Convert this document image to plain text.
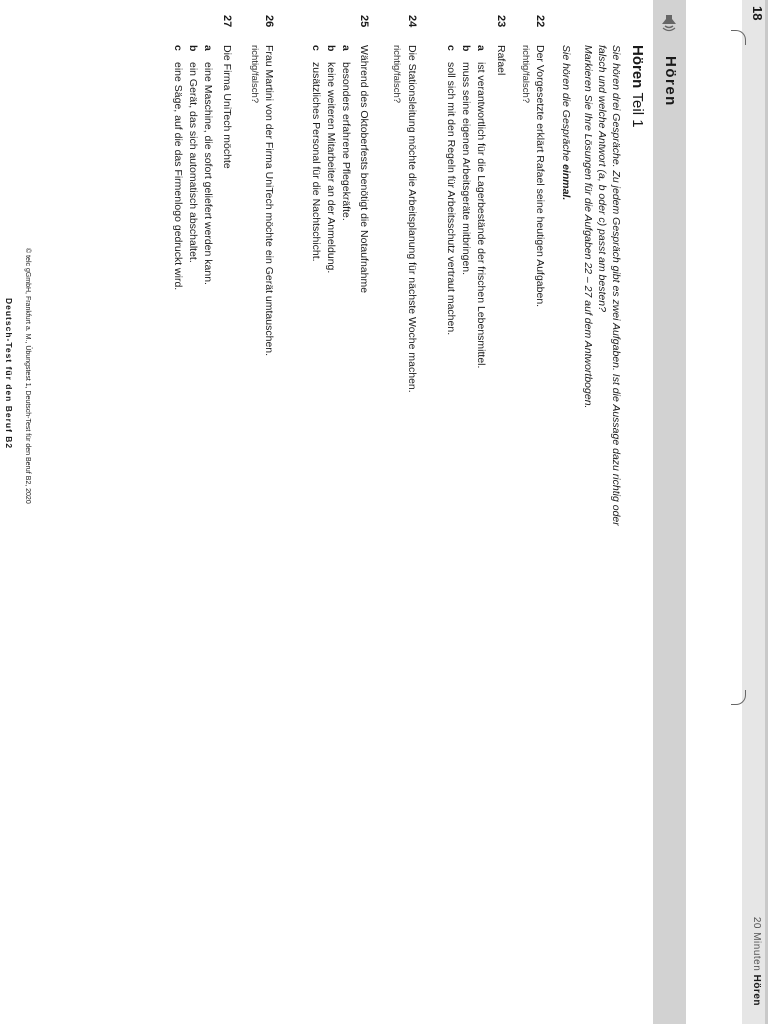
18
20 Minuten Hören
Hören
Hören Teil 1
Sie hören drei Gespräche. Zu jedem Gespräch gibt es zwei Aufgaben. Ist die Aussage dazu richtig oder
falsch und welche Antwort (a, b oder c) passt am besten?
Markieren Sie Ihre Lösungen für die Aufgaben 22 – 27 auf dem Antwortbogen.
Sie hören die Gespräche einmal.
22
Der Vorgesetzte erklärt Rafael seine heutigen Aufgaben.
richtig/falsch?
23
Rafael
a
ist verantwortlich für die Lagerbestände der frischen Lebensmittel.
b
muss seine eigenen Arbeitsgeräte mitbringen.
c
soll sich mit den Regeln für Arbeitsschutz vertraut machen.
24
Die Stationsleitung möchte die Arbeitsplanung für nächste Woche machen.
richtig/falsch?
25
Während des Oktoberfests benötigt die Notaufnahme
a
besonders erfahrene Pflegekräfte.
b
keine weiteren Mitarbeiter an der Anmeldung.
c
zusätzliches Personal für die Nachtschicht.
26
Frau Martini von der Firma UniTech möchte ein Gerät umtauschen.
richtig/falsch?
27
Die Firma UniTech möchte
a
eine Maschine, die sofort geliefert werden kann.
b
ein Gerät, das sich automatisch abschaltet.
c
eine Säge, auf die das Firmenlogo gedruckt wird.
© telc gGmbH, Frankfurt a. M., Übungstest 1, Deutsch-Test für den Beruf B2, 2020
Deutsch-Test für den Beruf B2
